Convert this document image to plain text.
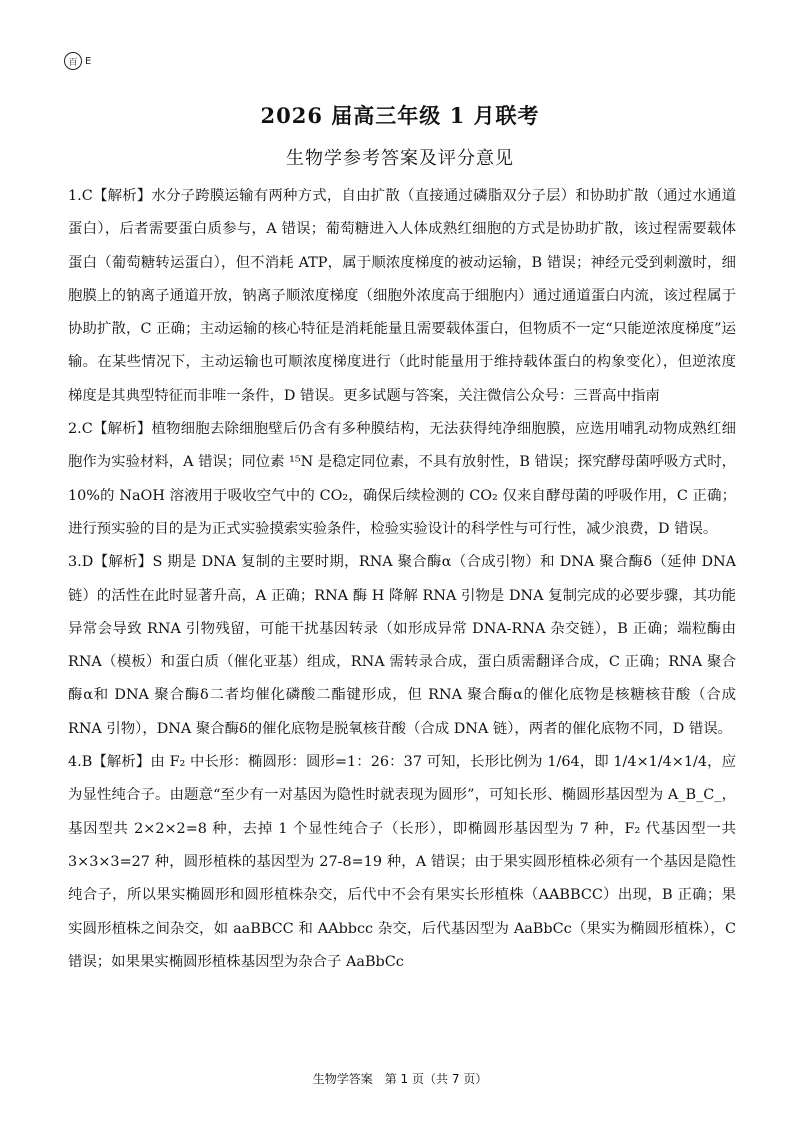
百 E
2026 届高三年级 1 月联考
生物学参考答案及评分意见

1.C【解析】水分子跨膜运输有两种方式，自由扩散（直接通过磷脂双分子层）和协助扩散（通过水通道蛋白），后者需要蛋白质参与，A 错误；葡萄糖进入人体成熟红细胞的方式是协助扩散，该过程需要载体蛋白（葡萄糖转运蛋白），但不消耗 ATP，属于顺浓度梯度的被动运输，B 错误；神经元受到刺激时，细胞膜上的钠离子通道开放，钠离子顺浓度梯度（细胞外浓度高于细胞内）通过通道蛋白内流，该过程属于协助扩散，C 正确；主动运输的核心特征是消耗能量且需要载体蛋白，但物质不一定“只能逆浓度梯度”运输。在某些情况下，主动运输也可顺浓度梯度进行（此时能量用于维持载体蛋白的构象变化），但逆浓度梯度是其典型特征而非唯一条件，D 错误。更多试题与答案，关注微信公众号：三晋高中指南

2.C【解析】植物细胞去除细胞壁后仍含有多种膜结构，无法获得纯净细胞膜，应选用哺乳动物成熟红细胞作为实验材料，A 错误；同位素 ¹⁵N 是稳定同位素，不具有放射性，B 错误；探究酵母菌呼吸方式时，10%的 NaOH 溶液用于吸收空气中的 CO₂，确保后续检测的 CO₂ 仅来自酵母菌的呼吸作用，C 正确；进行预实验的目的是为正式实验摸索实验条件，检验实验设计的科学性与可行性，减少浪费，D 错误。

3.D【解析】S 期是 DNA 复制的主要时期，RNA 聚合酶α（合成引物）和 DNA 聚合酶δ（延伸 DNA 链）的活性在此时显著升高，A 正确；RNA 酶 H 降解 RNA 引物是 DNA 复制完成的必要步骤，其功能异常会导致 RNA 引物残留，可能干扰基因转录（如形成异常 DNA-RNA 杂交链），B 正确；端粒酶由 RNA（模板）和蛋白质（催化亚基）组成，RNA 需转录合成，蛋白质需翻译合成，C 正确；RNA 聚合酶α和 DNA 聚合酶δ二者均催化磷酸二酯键形成，但 RNA 聚合酶α的催化底物是核糖核苷酸（合成 RNA 引物），DNA 聚合酶δ的催化底物是脱氧核苷酸（合成 DNA 链），两者的催化底物不同，D 错误。

4.B【解析】由 F₂ 中长形：椭圆形：圆形=1：26：37 可知，长形比例为 1/64，即 1/4×1/4×1/4，应为显性纯合子。由题意“至少有一对基因为隐性时就表现为圆形”，可知长形、椭圆形基因型为 A_B_C_，基因型共 2×2×2=8 种，去掉 1 个显性纯合子（长形），即椭圆形基因型为 7 种，F₂ 代基因型一共 3×3×3=27 种，圆形植株的基因型为 27-8=19 种，A 错误；由于果实圆形植株必须有一个基因是隐性纯合子，所以果实椭圆形和圆形植株杂交，后代中不会有果实长形植株（AABBCC）出现，B 正确；果实圆形植株之间杂交，如 aaBBCC 和 AAbbcc 杂交，后代基因型为 AaBbCc（果实为椭圆形植株），C 错误；如果果实椭圆形植株基因型为杂合子 AaBbCc

生物学答案　第 1 页（共 7 页）
